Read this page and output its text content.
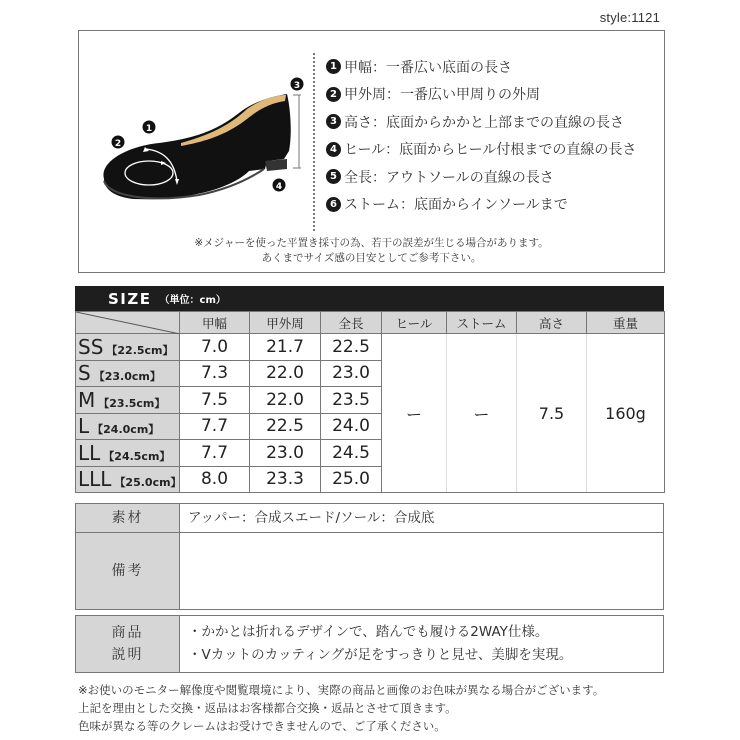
style:1121
2
1
3
4
1 甲幅：一番広い底面の長さ
2 甲外周：一番広い甲周りの外周
3 高さ：底面からかかと上部までの直線の長さ
4 ヒール：底面からヒール付根までの直線の長さ
5 全長：アウトソールの直線の長さ
6 ストーム：底面からインソールまで
※メジャーを使った平置き採寸の為、若干の誤差が生じる場合があります。
あくまでサイズ感の目安としてご参考下さい。
SIZE （単位：cm）
	甲幅	甲外周	全長	ヒール	ストーム	高さ	重量
SS 【22.5cm】	7.0	21.7	22.5	ー	ー	7.5	160g
S 【23.0cm】	7.3	22.0	23.0				
M 【23.5cm】	7.5	22.0	23.5				
L 【24.0cm】	7.7	22.5	24.0				
LL 【24.5cm】	7.7	23.0	24.5				
LLL 【25.0cm】	8.0	23.3	25.0				
素材	アッパー：合成スエード/ソール：合成底
備考	
商品
説明

・かかとは折れるデザインで、踏んでも履ける2WAY仕様。
・Vカットのカッティングが足をすっきりと見せ、美脚を実現。
※お使いのモニター解像度や閲覧環境により、実際の商品と画像のお色味が異なる場合がございます。
上記を理由とした交換・返品はお客様都合交換・返品とさせて頂きます。
色味が異なる等のクレームはお受けできませんので、ご了承ください。
